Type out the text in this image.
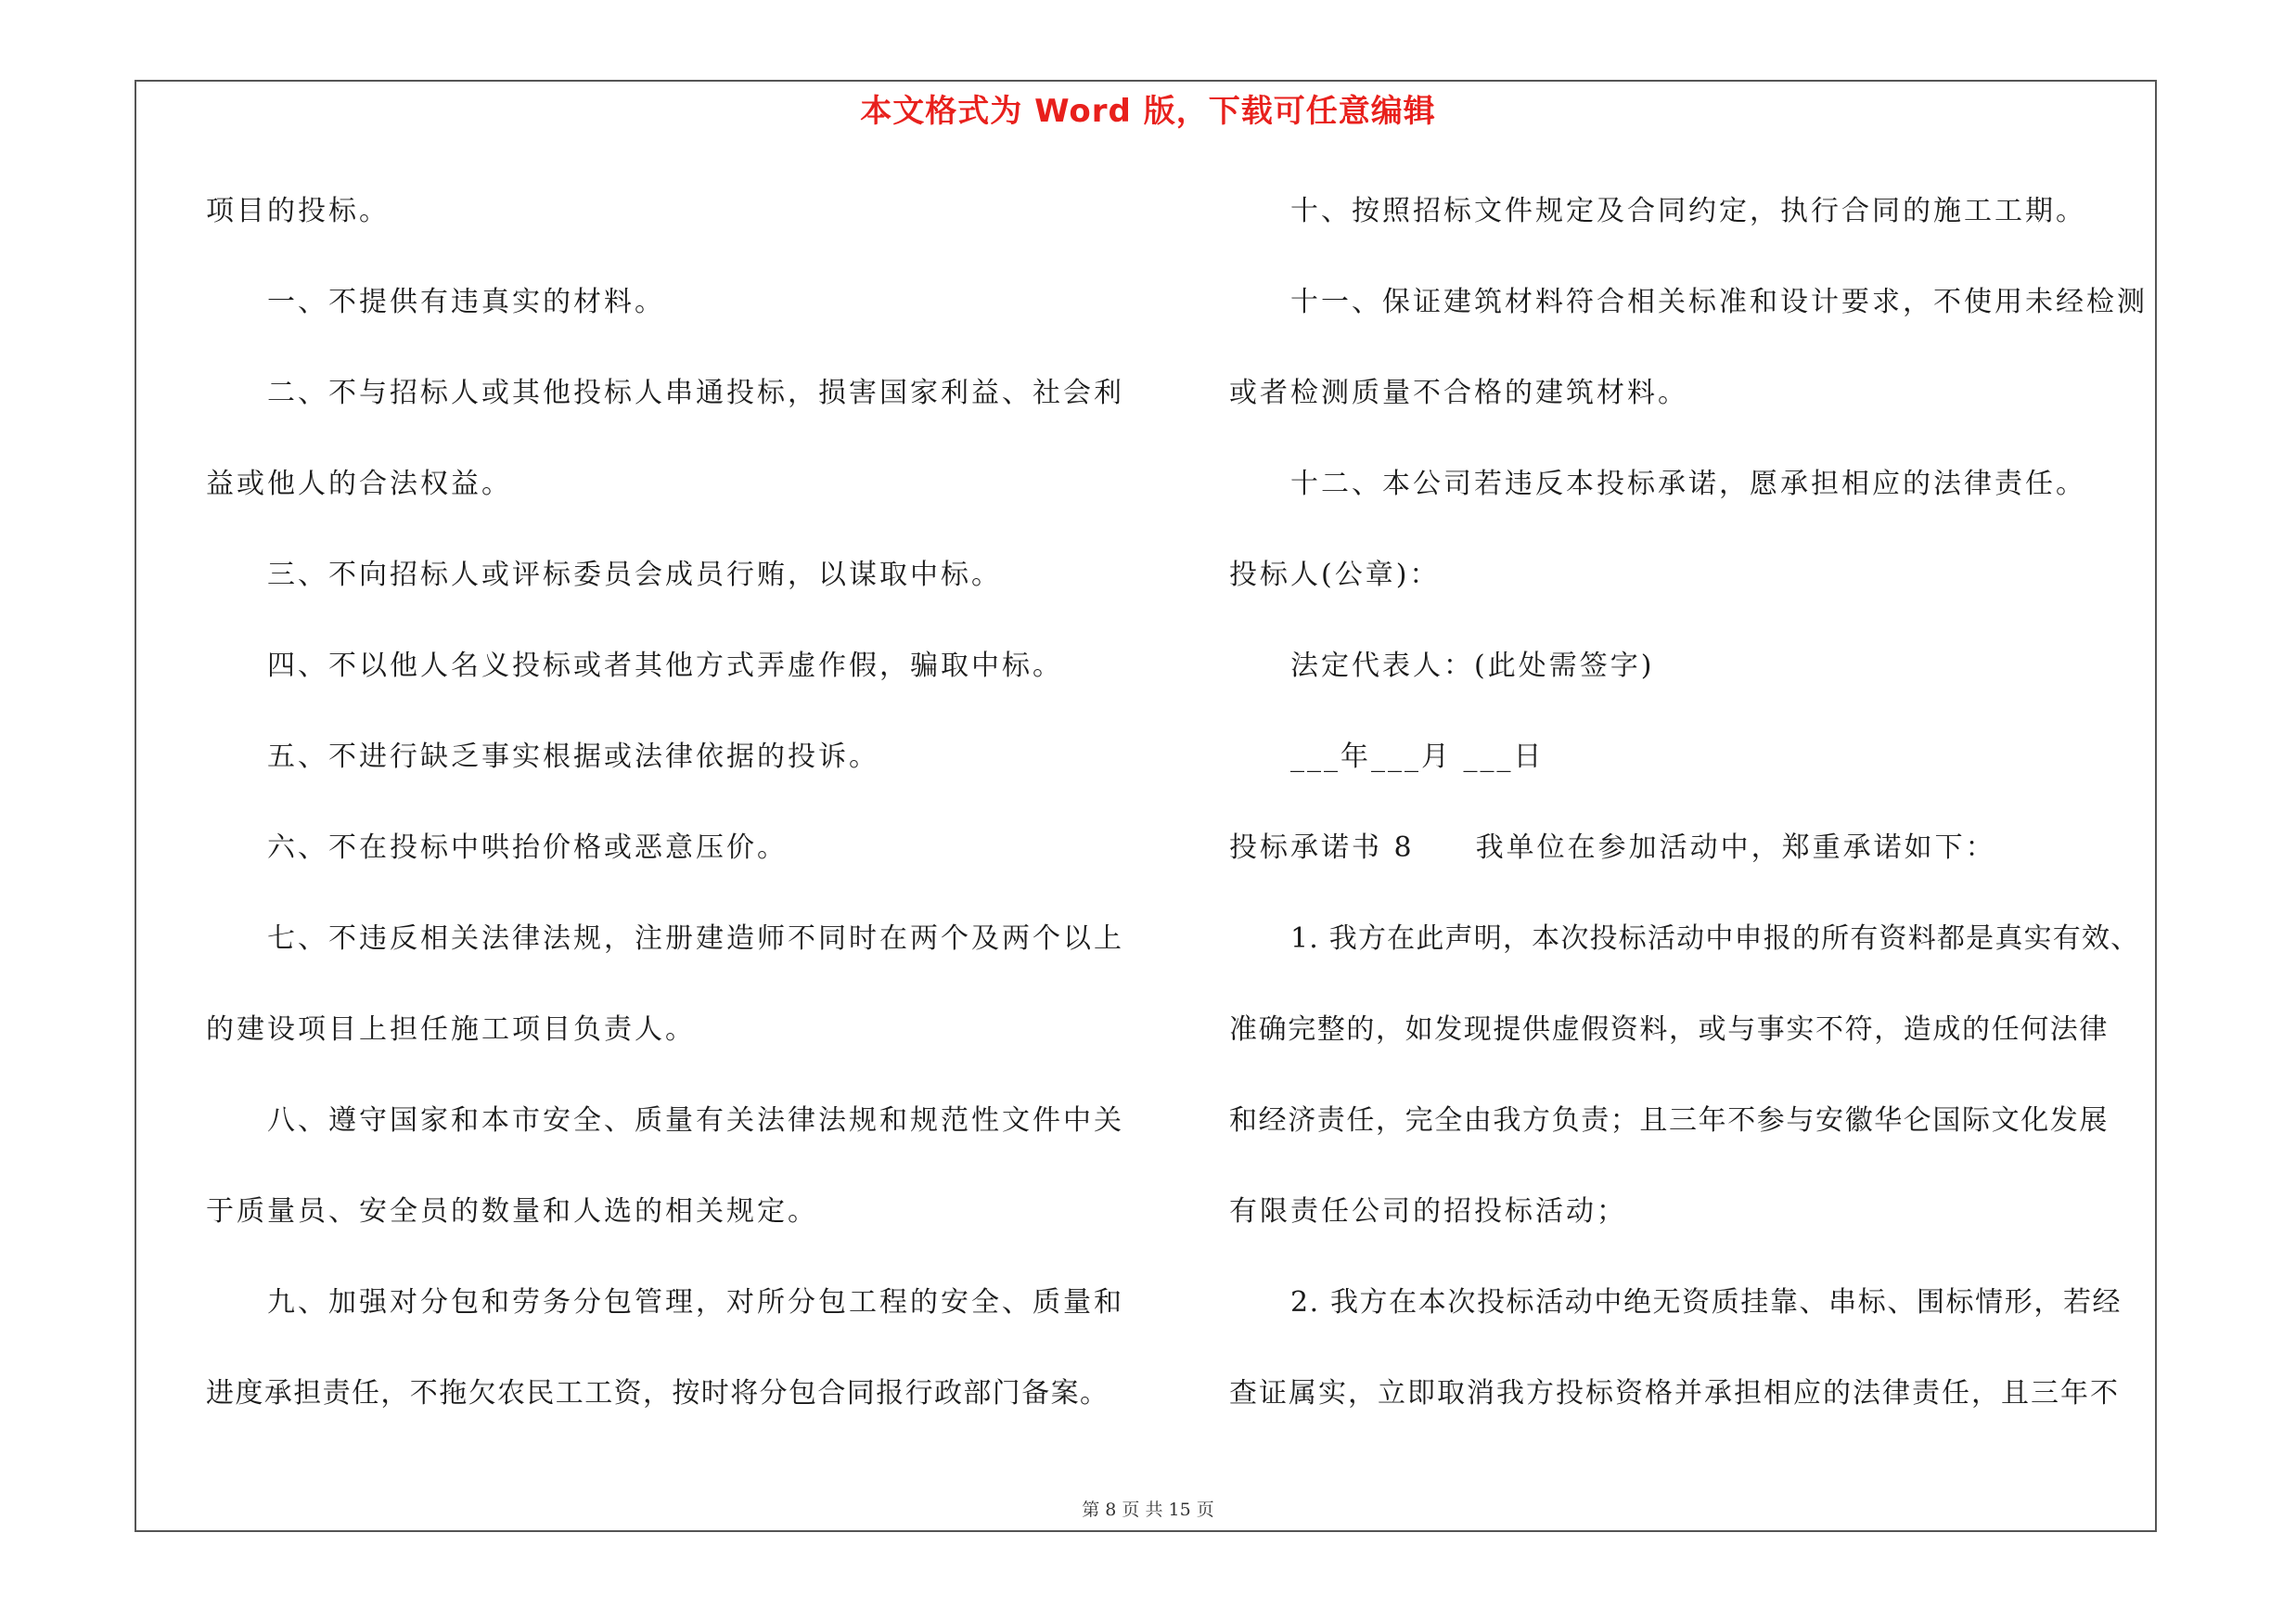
本文格式为 Word 版，下载可任意编辑
项目的投标。
一、不提供有违真实的材料。
二、不与招标人或其他投标人串通投标，损害国家利益、社会利
益或他人的合法权益。
三、不向招标人或评标委员会成员行贿，以谋取中标。
四、不以他人名义投标或者其他方式弄虚作假，骗取中标。
五、不进行缺乏事实根据或法律依据的投诉。
六、不在投标中哄抬价格或恶意压价。
七、不违反相关法律法规，注册建造师不同时在两个及两个以上
的建设项目上担任施工项目负责人。
八、遵守国家和本市安全、质量有关法律法规和规范性文件中关
于质量员、安全员的数量和人选的相关规定。
九、加强对分包和劳务分包管理，对所分包工程的安全、质量和
进度承担责任，不拖欠农民工工资，按时将分包合同报行政部门备案。
十、按照招标文件规定及合同约定，执行合同的施工工期。
十一、保证建筑材料符合相关标准和设计要求，不使用未经检测
或者检测质量不合格的建筑材料。
十二、本公司若违反本投标承诺，愿承担相应的法律责任。
投标人(公章)：
法定代表人：(此处需签字)
___年___月 ___日
投标承诺书 8　　我单位在参加活动中，郑重承诺如下：
1. 我方在此声明，本次投标活动中申报的所有资料都是真实有效、
准确完整的，如发现提供虚假资料，或与事实不符，造成的任何法律
和经济责任，完全由我方负责；且三年不参与安徽华仑国际文化发展
有限责任公司的招投标活动；
2. 我方在本次投标活动中绝无资质挂靠、串标、围标情形，若经
查证属实，立即取消我方投标资格并承担相应的法律责任，且三年不
第 8 页 共 15 页
